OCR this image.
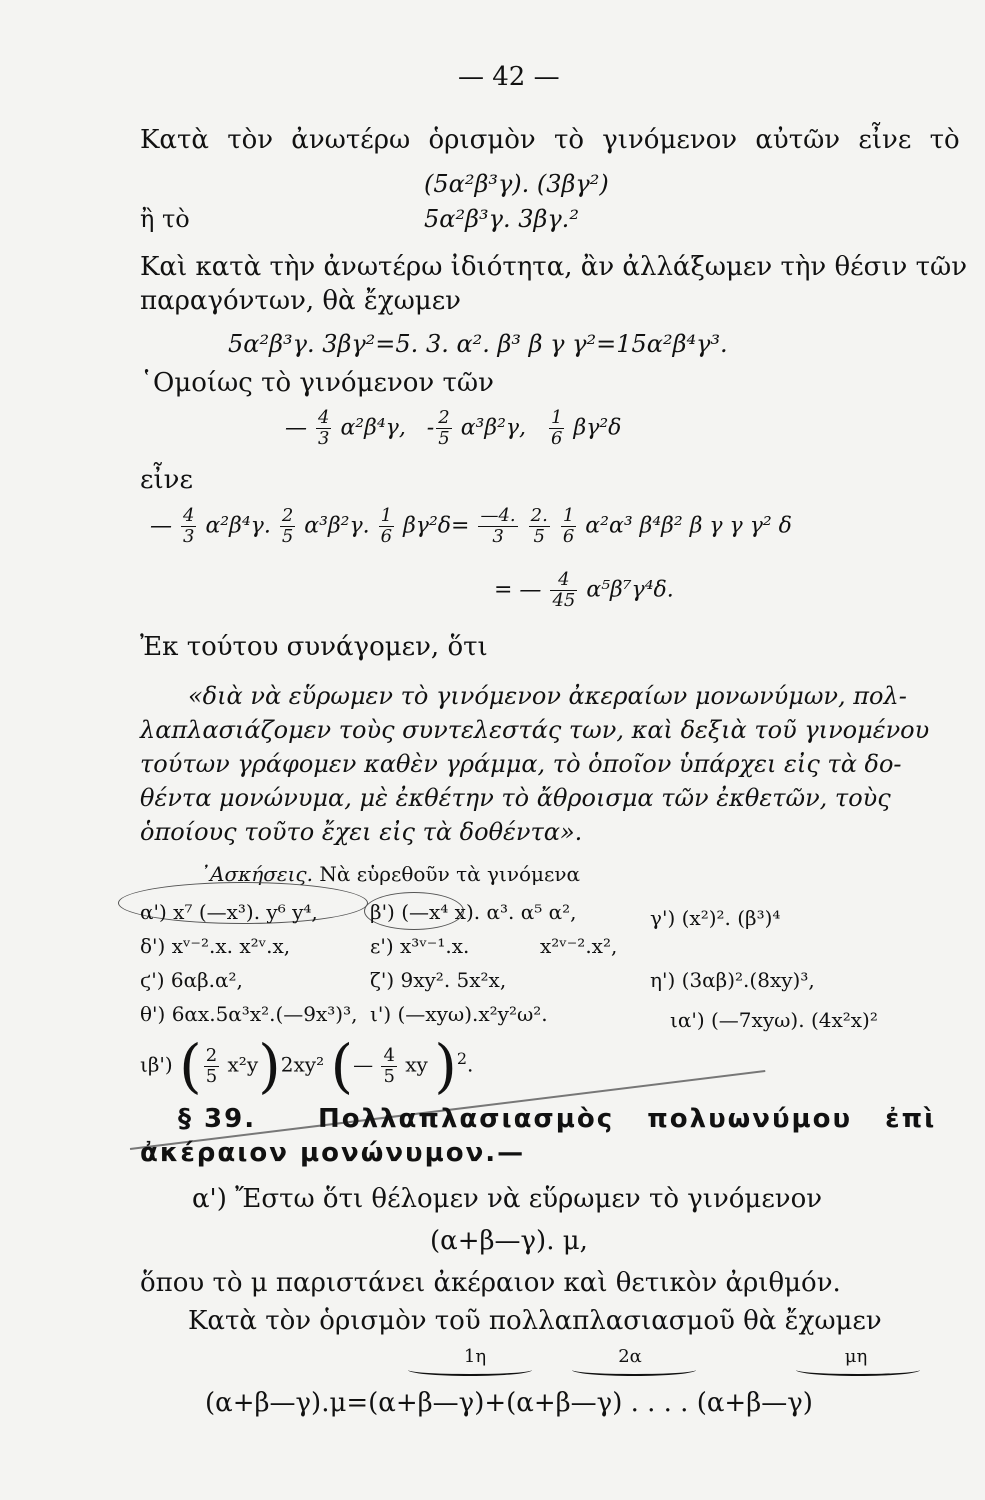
— 42 —
Κατὰ τὸν ἀνωτέρω ὁρισμὸν τὸ γινόμενον αὐτῶν εἶνε τὸ
(5α²β³γ). (3βγ²)
ἢ τὸ	5α²β³γ. 3βγ.²
Καὶ κατὰ τὴν ἀνωτέρω ἰδιότητα, ἂν ἀλλάξωμεν τὴν θέσιν τῶν
παραγόντων, θὰ ἔχωμεν
5α²β³γ. 3βγ²=5. 3. α². β³ β γ γ²=15α²β⁴γ³.
῾Ομοίως τὸ γινόμενον τῶν
— $\frac{4}{3} \alpha^2\beta^4\gamma$, - $\frac{2}{5} \alpha^3\beta^2\gamma$, $\frac{1}{6} \beta\gamma^2\delta$
εἶνε
— $\frac{4}{3} \alpha^2\beta^4\gamma$. $\frac{2}{5} \alpha^3\beta^2\gamma$. $\frac{1}{6} \beta\gamma^2\delta= \frac{—4.}{3}$
$\frac{2.}{5}$
$\frac{1}{6} \alpha^2\alpha^3$ β⁴β² β γ γ γ² δ
= — $\frac{4}{45} \alpha^5\beta^7\gamma^4\delta$.
Ἐκ τούτου συνάγομεν, ὅτι
«διὰ νὰ εὕρωμεν τὸ γινόμενον ἀκεραίων μονωνύμων, πολ-
λαπλασιάζομεν τοὺς συντελεστάς των, καὶ δεξιὰ τοῦ γινομένου
τούτων γράφομεν καθὲν γράμμα, τὸ ὁποῖον ὑπάρχει εἰς τὰ δο-
θέντα μονώνυμα, μὲ ἐκθέτην τὸ ἄθροισμα τῶν ἐκθετῶν, τοὺς
ὁποίους τοῦτο ἔχει εἰς τὰ δοθέντα».
᾿Ασκήσεις. Νὰ εὑρεθοῦν τὰ γινόμενα
α') x⁷ (—x³). y⁶ y⁴,	β') (—x⁴ x). α³. α⁵ α²,	γ') (x²)². (β³)⁴
δ') xᵛ⁻².x. x²ᵛ.x,	ε') x³ᵛ⁻¹.x.	x²ᵛ⁻².x²,
ϛ') 6αβ.α²,	ζ') 9xy². 5x²x,	η') (3αβ)².(8xy)³,
θ') 6αx.5α³x².(—9x³)³, ι') (—xyω).x²y²ω².	ια') (—7xyω). (4x²x)²
ιβ') ( $\frac{2}{5} x^2y)2xy^2$ (— $\frac{4}{5}$ xy )$^2$.
§ 39. Πολλαπλασιασμὸς πολυωνύμου ἐπὶ
ἀκέραιον μονώνυμον.—
α') Ἔστω ὅτι θέλομεν νὰ εὕρωμεν τὸ γινόμενον
(α+β—γ). μ,
ὅπου τὸ μ παριστάνει ἀκέραιον καὶ θετικὸν ἀριθμόν.
Κατὰ τὸν ὁρισμὸν τοῦ πολλαπλασιασμοῦ θὰ ἔχωμεν
1η	2α	μη
(α+β—γ).μ=(α+β—γ)+(α+β—γ) . . . . (α+β—γ)
